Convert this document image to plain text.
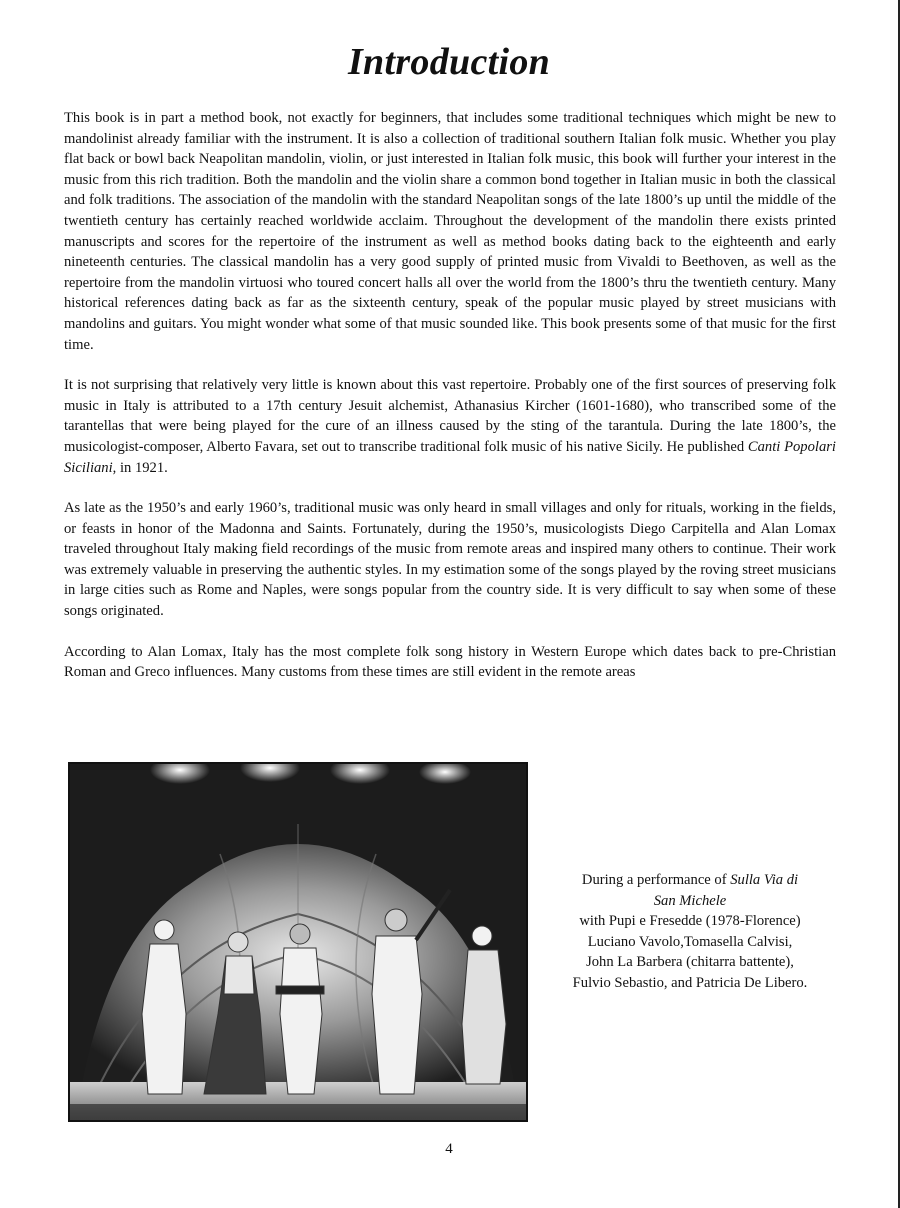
Introduction

This book is in part a method book, not exactly for beginners, that includes some traditional techniques which might be new to mandolinist already familiar with the instrument. It is also a collection of traditional southern Italian folk music. Whether you play flat back or bowl back Neapolitan mandolin, violin, or just interested in Italian folk music, this book will further your interest in the music from this rich tradition. Both the mandolin and the violin share a common bond together in Italian music in both the classical and folk traditions. The association of the mandolin with the standard Neapolitan songs of the late 1800’s up until the middle of the twentieth century has certainly reached worldwide acclaim. Throughout the development of the mandolin there exists printed manuscripts and scores for the repertoire of the instrument as well as method books dating back to the eighteenth and early nineteenth centuries. The classical mandolin has a very good supply of printed music from Vivaldi to Beethoven, as well as the repertoire from the mandolin virtuosi who toured concert halls all over the world from the 1800’s thru the twentieth century. Many historical references dating back as far as the sixteenth century, speak of the popular music played by street musicians with mandolins and guitars. You might wonder what some of that music sounded like. This book presents some of that music for the first time.

It is not surprising that relatively very little is known about this vast repertoire. Probably one of the first sources of preserving folk music in Italy is attributed to a 17th century Jesuit alchemist, Athanasius Kircher (1601-1680), who transcribed some of the tarantellas that were being played for the cure of an illness caused by the sting of the tarantula. During the late 1800’s, the musicologist-composer, Alberto Favara, set out to transcribe traditional folk music of his native Sicily. He published Canti Popolari Siciliani, in 1921.

As late as the 1950’s and early 1960’s, traditional music was only heard in small villages and only for rituals, working in the fields, or feasts in honor of the Madonna and Saints. Fortunately, during the 1950’s, musicologists Diego Carpitella and Alan Lomax traveled throughout Italy making field recordings of the music from remote areas and inspired many others to continue. Their work was extremely valuable in preserving the authentic styles. In my estimation some of the songs played by the roving street musicians in large cities such as Rome and Naples, were songs popular from the country side. It is very difficult to say when some of these songs originated.

According to Alan Lomax, Italy has the most complete folk song history in Western Europe which dates back to pre-Christian Roman and Greco influences. Many customs from these times are still evident in the remote areas

During a performance of Sulla Via di
San Michele
with Pupi e Fresedde (1978-Florence)
Luciano Vavolo,Tomasella Calvisi,
John La Barbera (chitarra battente),
Fulvio Sebastio, and Patricia De Libero.
4
